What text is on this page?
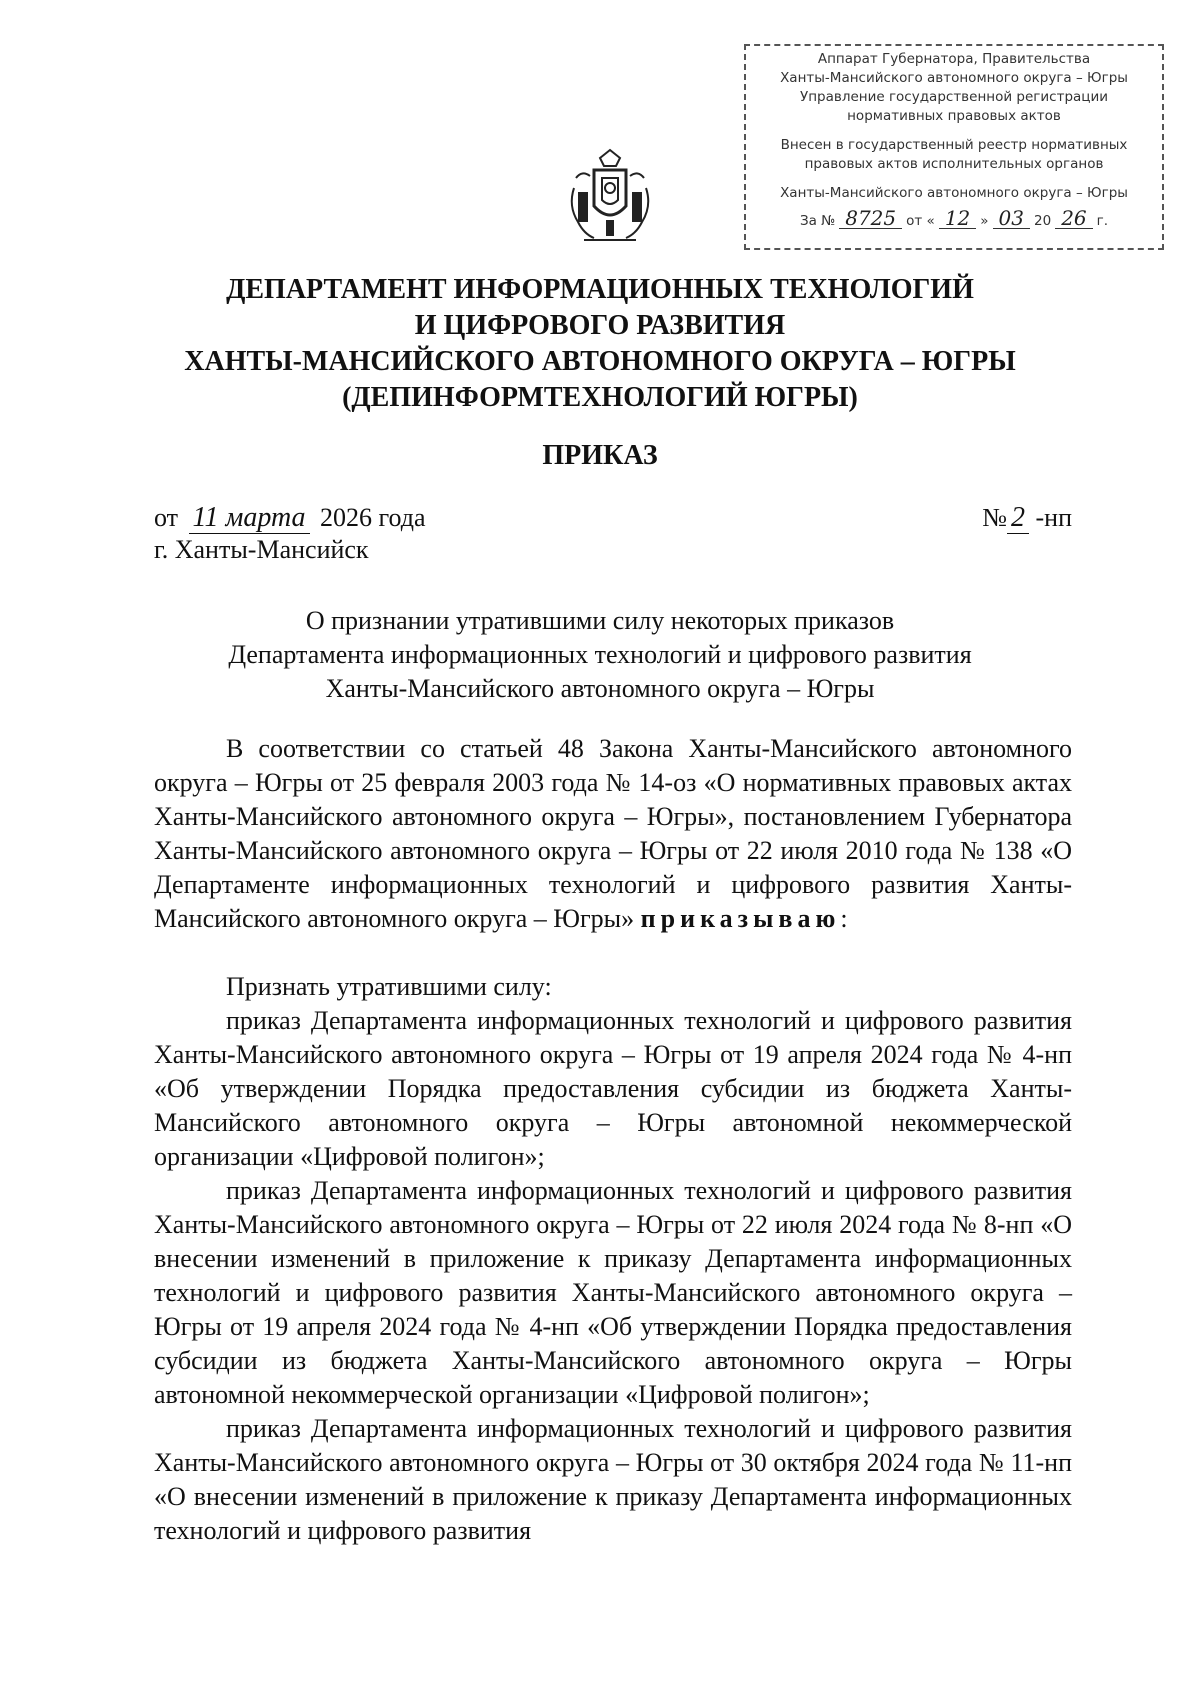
Аппарат Губернатора, Правительства
Ханты-Мансийского автономного округа – Югры
Управление государственной регистрации
нормативных правовых актов
Внесен в государственный реестр нормативных
правовых актов исполнительных органов
Ханты-Мансийского автономного округа – Югры
За № 8725 от « 12 » 03 20 26 г.
ДЕПАРТАМЕНТ ИНФОРМАЦИОННЫХ ТЕХНОЛОГИЙ
И ЦИФРОВОГО РАЗВИТИЯ
ХАНТЫ-МАНСИЙСКОГО АВТОНОМНОГО ОКРУГА – ЮГРЫ
(ДЕПИНФОРМТЕХНОЛОГИЙ ЮГРЫ)
ПРИКАЗ
от 11 марта 2026 года
г. Ханты-Мансийск
№ 2 -нп
О признании утратившими силу некоторых приказов
Департамента информационных технологий и цифрового развития
Ханты-Мансийского автономного округа – Югры

В соответствии со статьей 48 Закона Ханты-Мансийского автономного округа – Югры от 25 февраля 2003 года № 14-оз «О нормативных правовых актах Ханты-Мансийского автономного округа – Югры», постановлением Губернатора Ханты-Мансийского автономного округа – Югры от 22 июля 2010 года № 138 «О Департаменте информационных технологий и цифрового развития Ханты-Мансийского автономного округа – Югры» приказываю:

Признать утратившими силу:

приказ Департамента информационных технологий и цифрового развития Ханты-Мансийского автономного округа – Югры от 19 апреля 2024 года № 4-нп «Об утверждении Порядка предоставления субсидии из бюджета Ханты-Мансийского автономного округа – Югры автономной некоммерческой организации «Цифровой полигон»;

приказ Департамента информационных технологий и цифрового развития Ханты-Мансийского автономного округа – Югры от 22 июля 2024 года № 8-нп «О внесении изменений в приложение к приказу Департамента информационных технологий и цифрового развития Ханты-Мансийского автономного округа – Югры от 19 апреля 2024 года № 4-нп «Об утверждении Порядка предоставления субсидии из бюджета Ханты-Мансийского автономного округа – Югры автономной некоммерческой организации «Цифровой полигон»;

приказ Департамента информационных технологий и цифрового развития Ханты-Мансийского автономного округа – Югры от 30 октября 2024 года № 11-нп «О внесении изменений в приложение к приказу Департамента информационных технологий и цифрового развития
